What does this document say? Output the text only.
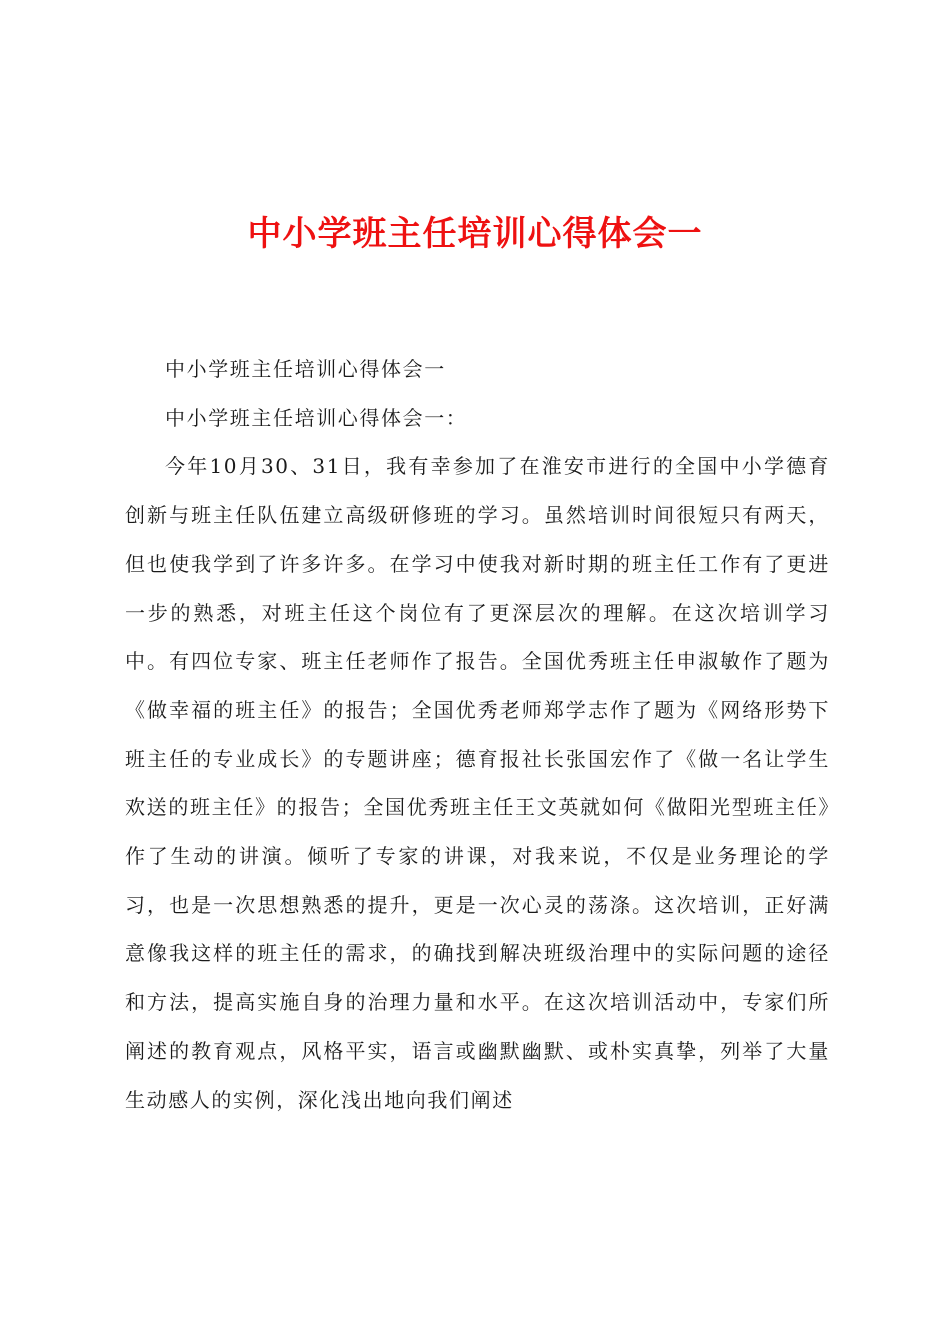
中小学班主任培训心得体会一

中小学班主任培训心得体会一

中小学班主任培训心得体会一：

今年10月30、31日，我有幸参加了在淮安市进行的全国中小学德育创新与班主任队伍建立高级研修班的学习。虽然培训时间很短只有两天，但也使我学到了许多许多。在学习中使我对新时期的班主任工作有了更进一步的熟悉，对班主任这个岗位有了更深层次的理解。在这次培训学习中。有四位专家、班主任老师作了报告。全国优秀班主任申淑敏作了题为《做幸福的班主任》的报告；全国优秀老师郑学志作了题为《网络形势下班主任的专业成长》的专题讲座；德育报社长张国宏作了《做一名让学生欢送的班主任》的报告；全国优秀班主任王文英就如何《做阳光型班主任》作了生动的讲演。倾听了专家的讲课，对我来说，不仅是业务理论的学习，也是一次思想熟悉的提升，更是一次心灵的荡涤。这次培训，正好满意像我这样的班主任的需求，的确找到解决班级治理中的实际问题的途径和方法，提高实施自身的治理力量和水平。在这次培训活动中，专家们所阐述的教育观点，风格平实，语言或幽默幽默、或朴实真挚，列举了大量生动感人的实例，深化浅出地向我们阐述
